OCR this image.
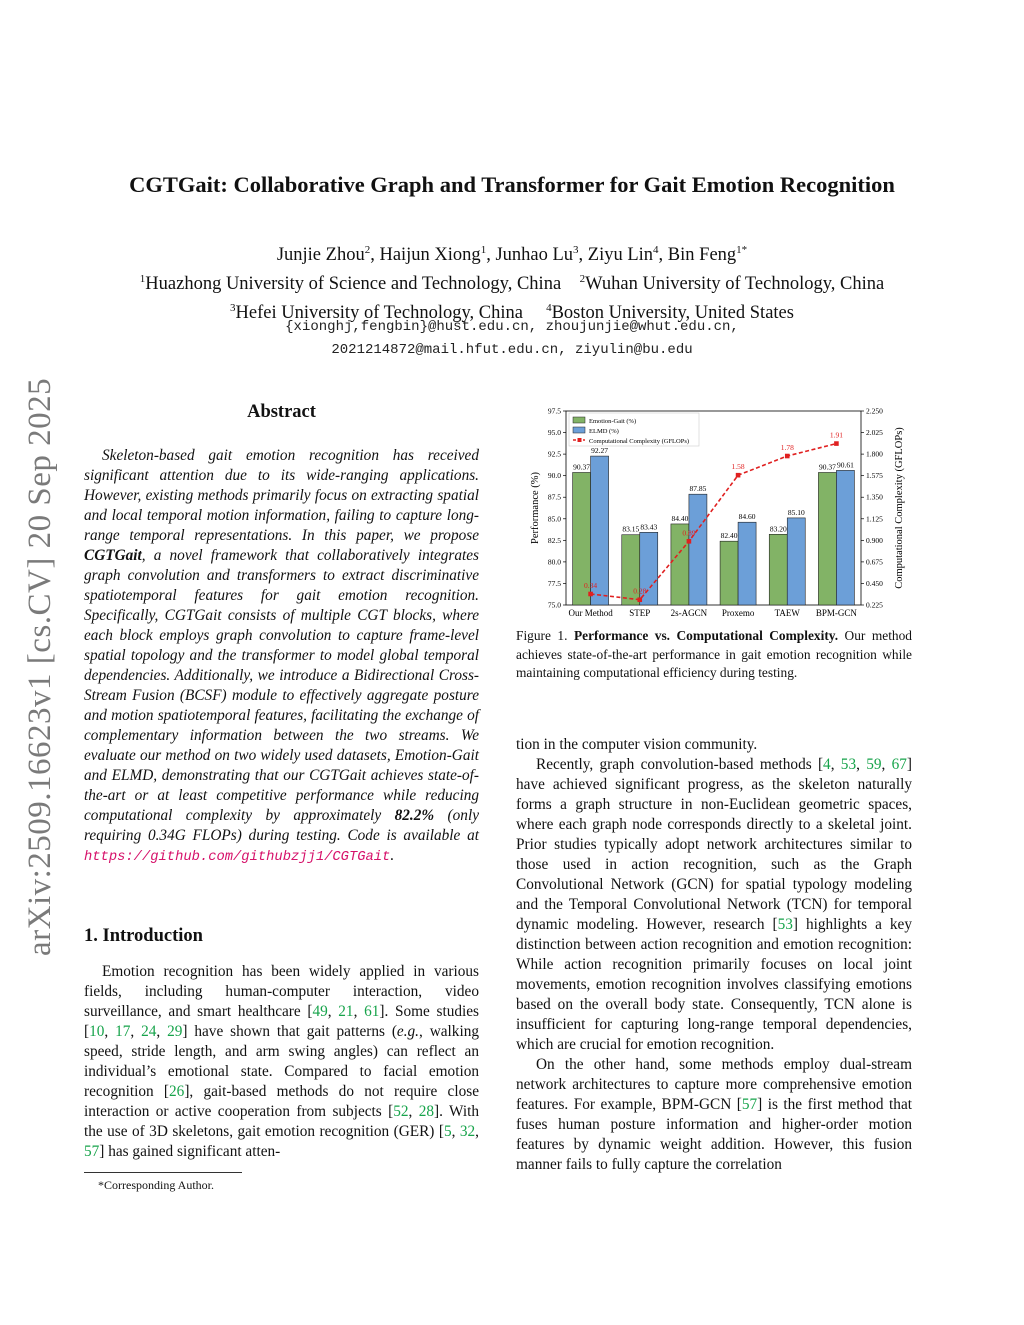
arXiv:2509.16623v1 [cs.CV] 20 Sep 2025
CGTGait: Collaborative Graph and Transformer for Gait Emotion Recognition
Junjie Zhou$^2$, Haijun Xiong$^1$, Junhao Lu$^3$, Ziyu Lin$^4$, Bin Feng$^{1*}$
$^1$Huazhong University of Science and Technology, China $^2$Wuhan University of Technology, China
$^3$Hefei University of Technology, China $^4$Boston University, United States
{xionghj,fengbin}@hust.edu.cn, zhoujunjie@whut.edu.cn,
2021214872@mail.hfut.edu.cn, ziyulin@bu.edu
Abstract
Skeleton-based gait emotion recognition has received significant attention due to its wide-ranging applications. However, existing methods primarily focus on extracting spatial and local temporal motion information, failing to capture long-range temporal representations. In this paper, we propose CGTGait, a novel framework that collaboratively integrates graph convolution and transformers to extract discriminative spatiotemporal features for gait emotion recognition. Specifically, CGTGait consists of multiple CGT blocks, where each block employs graph convolution to capture frame-level spatial topology and the transformer to model global temporal dependencies. Additionally, we introduce a Bidirectional Cross-Stream Fusion (BCSF) module to effectively aggregate posture and motion spatiotemporal features, facilitating the exchange of complementary information between the two streams. We evaluate our method on two widely used datasets, Emotion-Gait and ELMD, demonstrating that our CGTGait achieves state-of-the-art or at least competitive performance while reducing computational complexity by approximately 82.2% (only requiring 0.34G FLOPs) during testing. Code is available at https://github.com/githubzjj1/CGTGait.
1. Introduction
Emotion recognition has been widely applied in various fields, including human-computer interaction, video surveillance, and smart healthcare [49, 21, 61]. Some studies [10, 17, 24, 29] have shown that gait patterns (e.g., walking speed, stride length, and arm swing angles) can reflect an individual’s emotional state. Compared to facial emotion recognition [26], gait-based methods do not require close interaction or active cooperation from subjects [52, 28]. With the use of 3D skeletons, gait emotion recognition (GER) [5, 32, 57] has gained significant atten-
*Corresponding Author.
75.0
77.5
80.0
82.5
85.0
87.5
90.0
92.5
95.0
97.5
0.225
0.450
0.675
0.900
1.125
1.350
1.575
1.800
2.025
2.250
Performance (%)	Computational Complexity (GFLOPs)
90.37
92.27
Our Method
83.15 83.43
STEP
84.40
87.85
2s-AGCN
82.40
84.60
Proxemo
83.20
85.10
TAEW
90.37 90.61
BPM-GCN
0.34
0.28
0.89
1.58
1.78
1.91
Emotion-Gait (%)
ELMD (%)
Computational Complexity (GFLOPs)
Figure 1. Performance vs. Computational Complexity. Our method achieves state-of-the-art performance in gait emotion recognition while maintaining computational efficiency during testing.

tion in the computer vision community.

Recently, graph convolution-based methods [4, 53, 59, 67] have achieved significant progress, as the skeleton naturally forms a graph structure in non-Euclidean geometric spaces, where each graph node corresponds directly to a skeletal joint. Prior studies typically adopt network architectures similar to those used in action recognition, such as the Graph Convolutional Network (GCN) for spatial typology modeling and the Temporal Convolutional Network (TCN) for temporal dynamic modeling. However, research [53] highlights a key distinction between action recognition and emotion recognition: While action recognition primarily focuses on local joint movements, emotion recognition involves classifying emotions based on the overall body state. Consequently, TCN alone is insufficient for capturing long-range temporal dependencies, which are crucial for emotion recognition.

On the other hand, some methods employ dual-stream network architectures to capture more comprehensive emotion features. For example, BPM-GCN [57] is the first method that fuses human posture information and higher-order motion features by dynamic weight addition. However, this fusion manner fails to fully capture the correlation
